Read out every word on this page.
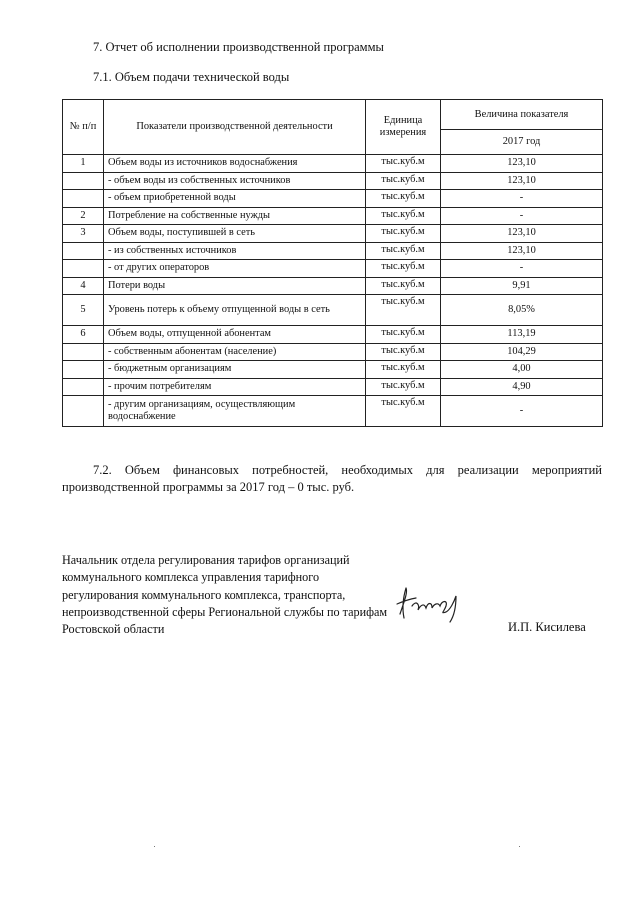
7. Отчет об исполнении производственной программы
7.1. Объем подачи технической воды
№ п/п	Показатели производственной деятельности	Единица измерения	Величина показателя
			2017 год
1	Объем воды из источников водоснабжения	тыс.куб.м	123,10
	- объем воды из собственных источников	тыс.куб.м	123,10
	- объем приобретенной воды	тыс.куб.м	-
2	Потребление на собственные нужды	тыс.куб.м	-
3	Объем воды, поступившей в сеть	тыс.куб.м	123,10
	- из собственных источников	тыс.куб.м	123,10
	- от других операторов	тыс.куб.м	-
4	Потери воды	тыс.куб.м	9,91
5	Уровень потерь к объему отпущенной воды в сеть	тыс.куб.м	8,05%
6	Объем воды, отпущенной абонентам	тыс.куб.м	113,19
	- собственным абонентам (население)	тыс.куб.м	104,29
	- бюджетным организациям	тыс.куб.м	4,00
	- прочим потребителям	тыс.куб.м	4,90
	- другим организациям, осуществляющим водоснабжение	тыс.куб.м	-
7.2. Объем финансовых потребностей, необходимых для реализации мероприятий производственной программы за 2017 год – 0 тыс. руб.
Начальник отдела регулирования тарифов организаций коммунального комплекса управления тарифного регулирования коммунального комплекса, транспорта, непроизводственной сферы Региональной службы по тарифам Ростовской области	И.П. Кисилева
